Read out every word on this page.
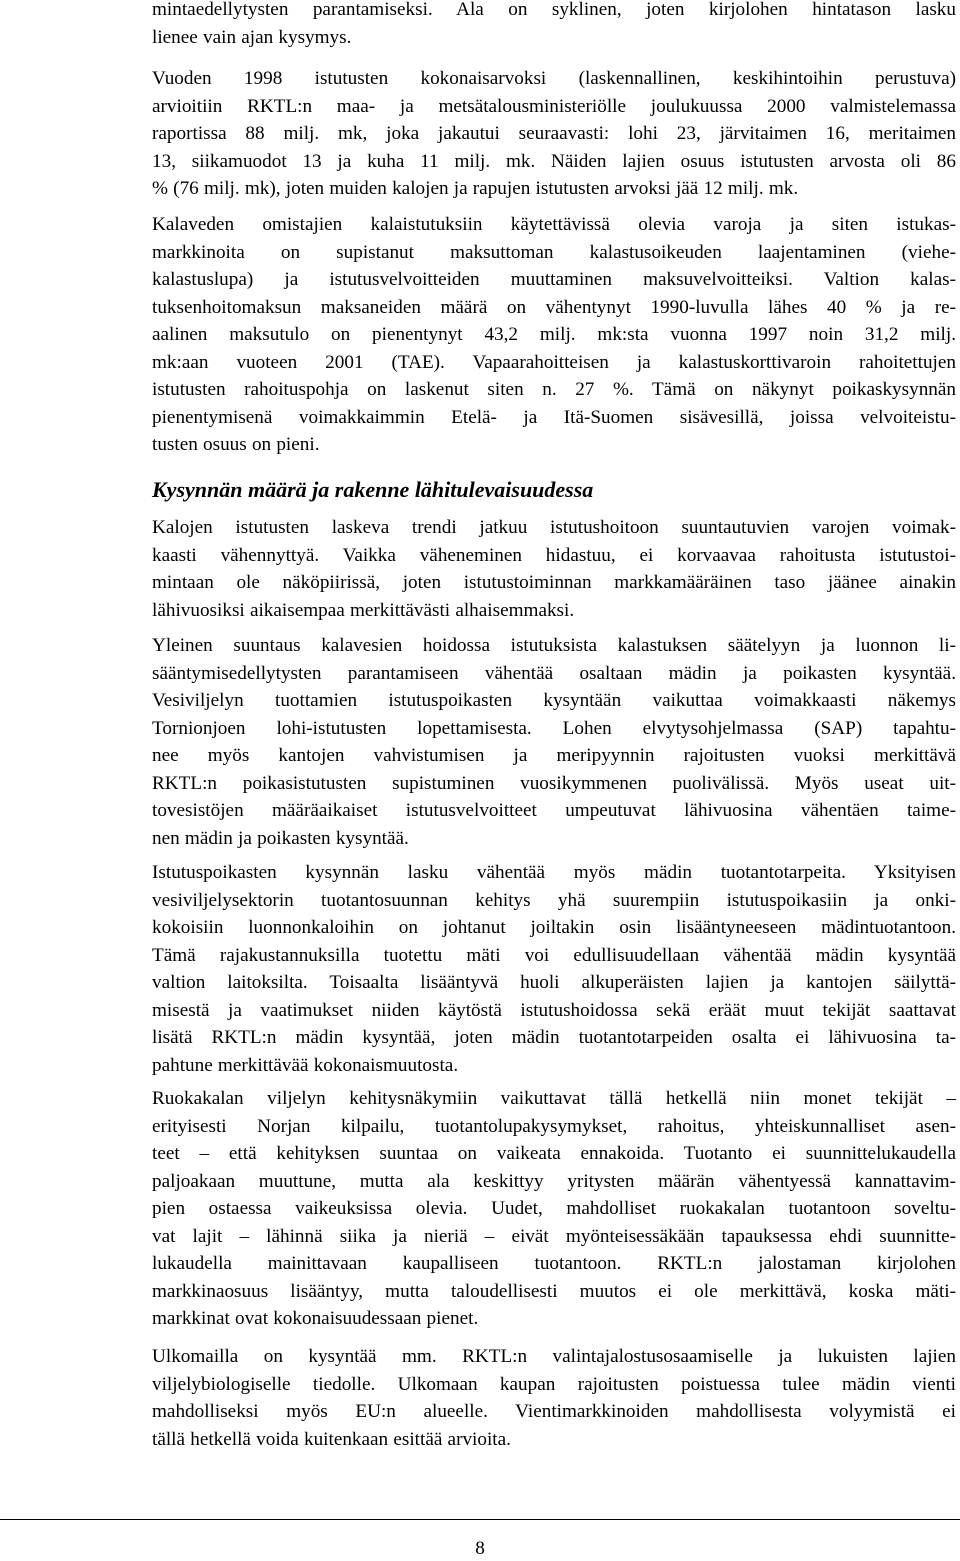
mintaedellytysten parantamiseksi. Ala on syklinen, joten kirjolohen hintatason lasku
lienee vain ajan kysymys.
Vuoden 1998 istutusten kokonaisarvoksi (laskennallinen, keskihintoihin perustuva)
arvioitiin RKTL:n maa- ja metsätalousministeriölle joulukuussa 2000 valmistelemassa
raportissa 88 milj. mk, joka jakautui seuraavasti: lohi 23, järvitaimen 16, meritaimen
13, siikamuodot 13 ja kuha 11 milj. mk. Näiden lajien osuus istutusten arvosta oli 86
% (76 milj. mk), joten muiden kalojen ja rapujen istutusten arvoksi jää 12 milj. mk.
Kalaveden omistajien kalaistutuksiin käytettävissä olevia varoja ja siten istukas-
markkinoita on supistanut maksuttoman kalastusoikeuden laajentaminen (viehe-
kalastuslupa) ja istutusvelvoitteiden muuttaminen maksuvelvoitteiksi. Valtion kalas-
tuksenhoitomaksun maksaneiden määrä on vähentynyt 1990-luvulla lähes 40 % ja re-
aalinen maksutulo on pienentynyt 43,2 milj. mk:sta vuonna 1997 noin 31,2 milj.
mk:aan vuoteen 2001 (TAE). Vapaarahoitteisen ja kalastuskorttivaroin rahoitettujen
istutusten rahoituspohja on laskenut siten n. 27 %. Tämä on näkynyt poikaskysynnän
pienentymisenä voimakkaimmin Etelä- ja Itä-Suomen sisävesillä, joissa velvoiteistu-
tusten osuus on pieni.
Kysynnän määrä ja rakenne lähitulevaisuudessa
Kalojen istutusten laskeva trendi jatkuu istutushoitoon suuntautuvien varojen voimak-
kaasti vähennyttyä. Vaikka väheneminen hidastuu, ei korvaavaa rahoitusta istutustoi-
mintaan ole näköpiirissä, joten istutustoiminnan markkamääräinen taso jäänee ainakin
lähivuosiksi aikaisempaa merkittävästi alhaisemmaksi.
Yleinen suuntaus kalavesien hoidossa istutuksista kalastuksen säätelyyn ja luonnon li-
sääntymisedellytysten parantamiseen vähentää osaltaan mädin ja poikasten kysyntää.
Vesiviljelyn tuottamien istutuspoikasten kysyntään vaikuttaa voimakkaasti näkemys
Tornionjoen lohi-istutusten lopettamisesta. Lohen elvytysohjelmassa (SAP) tapahtu-
nee myös kantojen vahvistumisen ja meripyynnin rajoitusten vuoksi merkittävä
RKTL:n poikasistutusten supistuminen vuosikymmenen puolivälissä. Myös useat uit-
tovesistöjen määräaikaiset istutusvelvoitteet umpeutuvat lähivuosina vähentäen taime-
nen mädin ja poikasten kysyntää.
Istutuspoikasten kysynnän lasku vähentää myös mädin tuotantotarpeita. Yksityisen
vesiviljelysektorin tuotantosuunnan kehitys yhä suurempiin istutuspoikasiin ja onki-
kokoisiin luonnonkaloihin on johtanut joiltakin osin lisääntyneeseen mädintuotantoon.
Tämä rajakustannuksilla tuotettu mäti voi edullisuudellaan vähentää mädin kysyntää
valtion laitoksilta. Toisaalta lisääntyvä huoli alkuperäisten lajien ja kantojen säilyttä-
misestä ja vaatimukset niiden käytöstä istutushoidossa sekä eräät muut tekijät saattavat
lisätä RKTL:n mädin kysyntää, joten mädin tuotantotarpeiden osalta ei lähivuosina ta-
pahtune merkittävää kokonaismuutosta.
Ruokakalan viljelyn kehitysnäkymiin vaikuttavat tällä hetkellä niin monet tekijät –
erityisesti Norjan kilpailu, tuotantolupakysymykset, rahoitus, yhteiskunnalliset asen-
teet – että kehityksen suuntaa on vaikeata ennakoida. Tuotanto ei suunnittelukaudella
paljoakaan muuttune, mutta ala keskittyy yritysten määrän vähentyessä kannattavim-
pien ostaessa vaikeuksissa olevia. Uudet, mahdolliset ruokakalan tuotantoon soveltu-
vat lajit – lähinnä siika ja nieriä – eivät myönteisessäkään tapauksessa ehdi suunnitte-
lukaudella mainittavaan kaupalliseen tuotantoon. RKTL:n jalostaman kirjolohen
markkinaosuus lisääntyy, mutta taloudellisesti muutos ei ole merkittävä, koska mäti-
markkinat ovat kokonaisuudessaan pienet.
Ulkomailla on kysyntää mm. RKTL:n valintajalostusosaamiselle ja lukuisten lajien
viljelybiologiselle tiedolle. Ulkomaan kaupan rajoitusten poistuessa tulee mädin vienti
mahdolliseksi myös EU:n alueelle. Vientimarkkinoiden mahdollisesta volyymistä ei
tällä hetkellä voida kuitenkaan esittää arvioita.
8
